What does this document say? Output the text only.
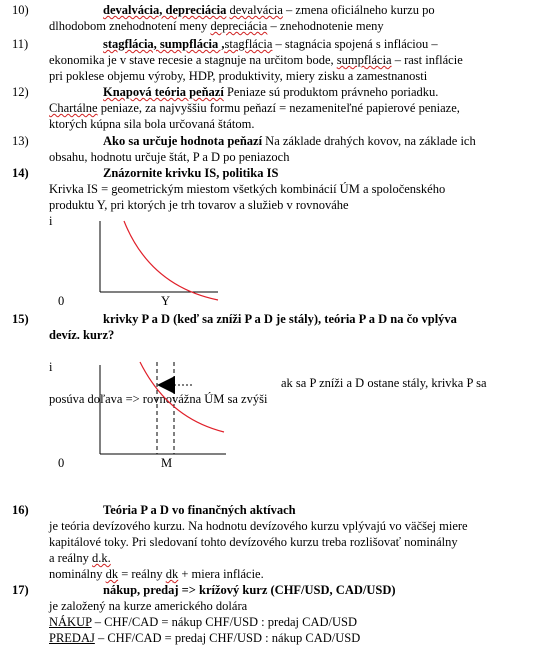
10)	devalvácia, depreciácia devalvácia – zmena oficiálneho kurzu po
dlhodobom znehodnotení meny depreciácia – znehodnotenie meny
11)	stagflácia, sumpflácia ,stagflácia – stagnácia spojená s infláciou –
ekonomika je v stave recesie a stagnuje na určitom bode, sumpflácia – rast inflácie
pri poklese objemu výroby, HDP, produktivity, miery zisku a zamestnanosti
12)	Knapová teória peňazí Peniaze sú produktom právneho poriadku.
Chartálne peniaze, za najvyššiu formu peňazí = nezameniteľné papierové peniaze,
ktorých kúpna sila bola určovaná štátom.
13)	Ako sa určuje hodnota peňazí Na základe drahých kovov, na základe ich
obsahu, hodnotu určuje štát, P a D po peniazoch
14)	Znázornite krivku IS, politika IS
Krivka IS = geometrickým miestom všetkých kombinácií ÚM a spoločenského
produktu Y, pri ktorých je trh tovarov a služieb v rovnováhe
i
0	Y
15)	krivky P a D (keď sa zníži P a D je stály), teória P a D na čo vplýva
devíz. kurz?
i
ak sa P zníži a D ostane stály, krivka P sa
posúva doľava => rovnovážna ÚM sa zvýši
0	M
16)	Teória P a D vo finančných aktívach
je teória devízového kurzu. Na hodnotu devízového kurzu vplývajú vo väčšej miere
kapitálové toky. Pri sledovaní tohto devízového kurzu treba rozlišovať nominálny
a reálny d.k.
nominálny dk = reálny dk + miera inflácie.
17)	nákup, predaj => krížový kurz (CHF/USD, CAD/USD)
je založený na kurze amerického dolára
NÁKUP – CHF/CAD = nákup CHF/USD : predaj CAD/USD
PREDAJ – CHF/CAD = predaj CHF/USD : nákup CAD/USD
